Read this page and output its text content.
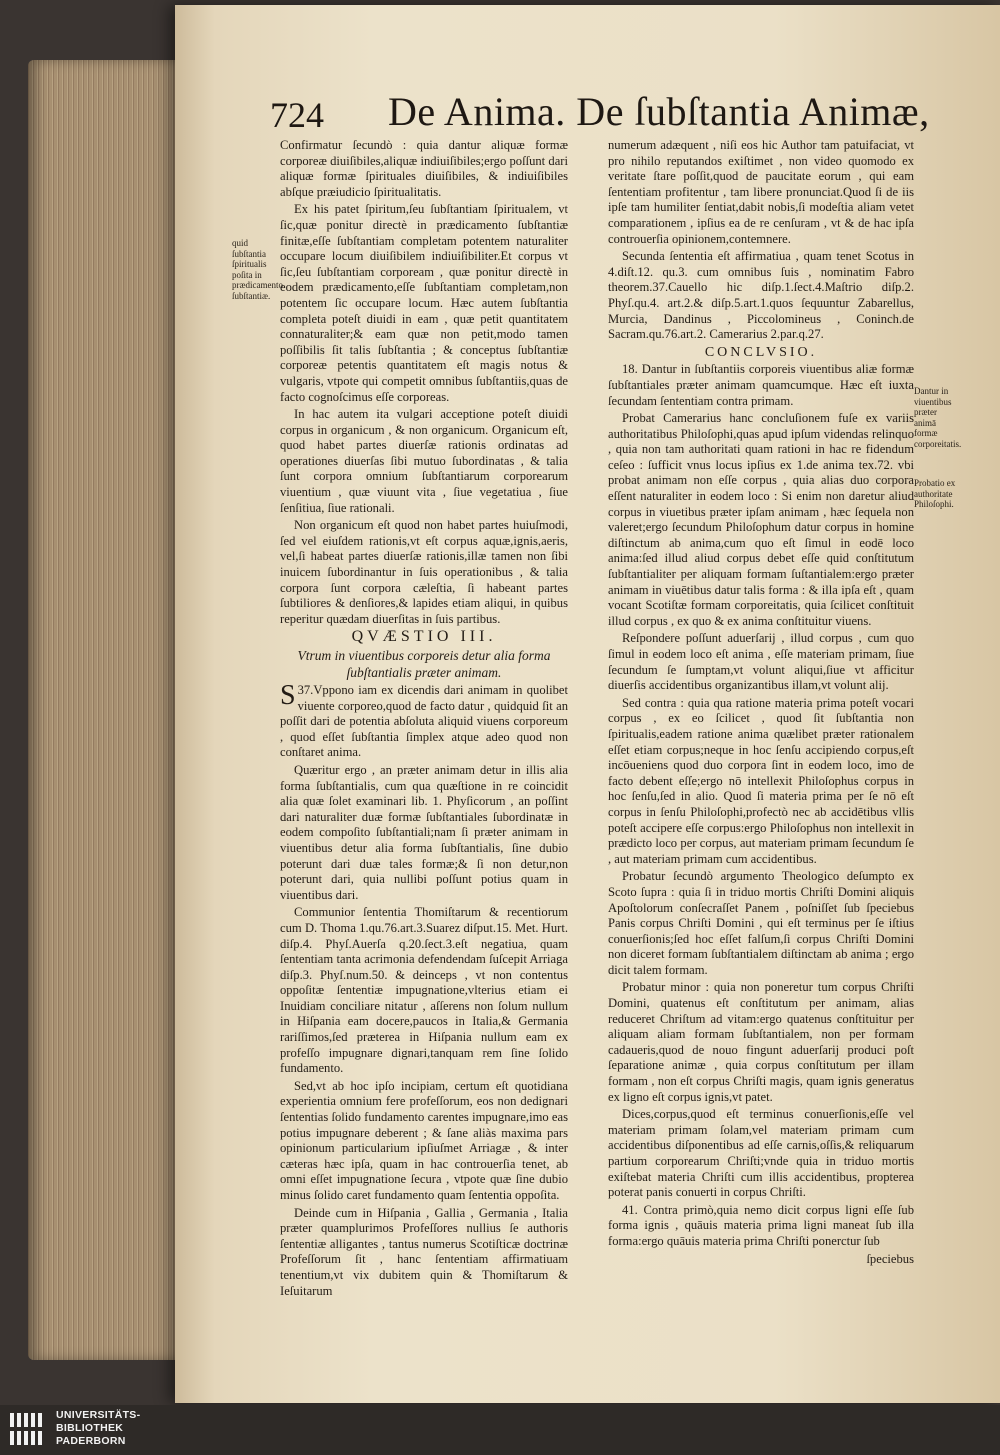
724 De Anima. De ſubſtantia Animæ,
quid ſubſtantia ſpiritualis poſita in prædicamento ſubſtantiæ.
Dantur in viuentibus præter animā formæ corporeitatis.
Probatio ex authoritate Philoſophi.

Confirmatur ſecundò : quia dantur aliquæ formæ corporeæ diuiſibiles,aliquæ indiuiſibiles;ergo poſſunt dari aliquæ formæ ſpirituales diuiſibiles, & indiuiſibiles abſque præiudicio ſpiritualitatis.

Ex his patet ſpiritum,ſeu ſubſtantiam ſpiritualem, vt ſic,quæ ponitur directè in prædicamento ſubſtantiæ finitæ,eſſe ſubſtantiam completam potentem naturaliter occupare locum diuiſibilem indiuiſibiliter.Et corpus vt ſic,ſeu ſubſtantiam corpoream , quæ ponitur directè in eodem prædicamento,eſſe ſubſtantiam completam,non potentem ſic occupare locum. Hæc autem ſubſtantia completa poteſt diuidi in eam , quæ petit quantitatem connaturaliter;& eam quæ non petit,modo tamen poſſibilis ſit talis ſubſtantia ; & conceptus ſubſtantiæ corporeæ petentis quantitatem eſt magis notus & vulgaris, vtpote qui competit omnibus ſubſtantiis,quas de facto cognoſcimus eſſe corporeas.

In hac autem ita vulgari acceptione poteſt diuidi corpus in organicum , & non organicum. Organicum eſt, quod habet partes diuerſæ rationis ordinatas ad operationes diuerſas ſibi mutuo ſubordinatas , & talia ſunt corpora omnium ſubſtantiarum corporearum viuentium , quæ viuunt vita , ſiue vegetatiua , ſiue ſenſitiua, ſiue rationali.

Non organicum eſt quod non habet partes huiuſmodi, ſed vel eiuſdem rationis,vt eſt corpus aquæ,ignis,aeris, vel,ſi habeat partes diuerſæ rationis,illæ tamen non ſibi inuicem ſubordinantur in ſuis operationibus , & talia corpora ſunt corpora cæleſtia, ſi habeant partes ſubtiliores & denſiores,& lapides etiam aliqui, in quibus reperitur quædam diuerſitas in ſuis partibus.

QVÆSTIO III.

Vtrum in viuentibus corporeis detur alia forma ſubſtantialis præter animam.

37.
S Vppono iam ex dicendis dari animam in quolibet viuente corporeo,quod de facto datur , quidquid ſit an poſſit dari de potentia abſoluta aliquid viuens corporeum , quod eſſet ſubſtantia ſimplex atque adeo quod non conſtaret anima.

Quæritur ergo , an præter animam detur in illis alia forma ſubſtantialis, cum qua quæſtione in re coincidit alia quæ ſolet examinari lib. 1. Phyſicorum , an poſſint dari naturaliter duæ formæ ſubſtantiales ſubordinatæ in eodem compoſito ſubſtantiali;nam ſi præter animam in viuentibus detur alia forma ſubſtantialis, ſine dubio poterunt dari duæ tales formæ;& ſi non detur,non poterunt dari, quia nullibi poſſunt potius quam in viuentibus dari.

Communior ſententia Thomiſtarum & recentiorum cum D. Thoma 1.qu.76.art.3.Suarez diſput.15. Met. Hurt. diſp.4. Phyſ.Auerſa q.20.ſect.3.eſt negatiua, quam ſententiam tanta acrimonia defendendam ſuſcepit Arriaga diſp.3. Phyſ.num.50. & deinceps , vt non contentus oppoſitæ ſententiæ impugnatione,vlterius etiam ei Inuidiam conciliare nitatur , aſſerens non ſolum nullum in Hiſpania eam docere,paucos in Italia,& Germania rariſſimos,ſed præterea in Hiſpania nullum eam ex profeſſo impugnare dignari,tanquam rem ſine ſolido fundamento.

Sed,vt ab hoc ipſo incipiam, certum eſt quotidiana experientia omnium fere profeſſorum, eos non dedignari ſententias ſolido fundamento carentes impugnare,imo eas potius impugnare deberent ; & ſane aliàs maxima pars opinionum particularium ipſiuſmet Arriagæ , & inter cæteras hæc ipſa, quam in hac controuerſia tenet, ab omni eſſet impugnatione ſecura , vtpote quæ ſine dubio minus ſolido caret fundamento quam ſententia oppoſita.

Deinde cum in Hiſpania , Gallia , Germania , Italia præter quamplurimos Profeſſores nullius ſe authoris ſententiæ alligantes , tantus numerus Scotiſticæ doctrinæ Profeſſorum ſit , hanc ſententiam affirmatiuam tenentium,vt vix dubitem quin & Thomiſtarum & Ieſuitarum

numerum adæquent , niſi eos hic Author tam patuifaciat, vt pro nihilo reputandos exiſtimet , non video quomodo ex veritate ſtare poſſit,quod de paucitate eorum , qui eam ſententiam profitentur , tam libere pronunciat.Quod ſi de iis ipſe tam humiliter ſentiat,dabit nobis,ſi modeſtia aliam vetet comparationem , ipſius ea de re cenſuram , vt & de hac ipſa controuerſia opinionem,contemnere.

Secunda ſententia eſt affirmatiua , quam tenet Scotus in 4.diſt.12. qu.3. cum omnibus ſuis , nominatim Fabro theorem.37.Cauello hic diſp.1.ſect.4.Maſtrio diſp.2. Phyſ.qu.4. art.2.& diſp.5.art.1.quos ſequuntur Zabarellus, Murcia, Dandinus , Piccolomineus , Coninch.de Sacram.qu.76.art.2. Camerarius 2.par.q.27.

CONCLVSIO.

18. Dantur in ſubſtantiis corporeis viuentibus aliæ formæ ſubſtantiales præter animam quamcumque. Hæc eſt iuxta ſecundam ſententiam contra primam.

Probat Camerarius hanc concluſionem fuſe ex variis authoritatibus Philoſophi,quas apud ipſum videndas relinquo , quia non tam authoritati quam rationi in hac re fidendum ceſeo : ſufficit vnus locus ipſius ex 1.de anima tex.72. vbi probat animam non eſſe corpus , quia alias duo corpora eſſent naturaliter in eodem loco : Si enim non daretur aliud corpus in viuetibus præter ipſam animam , hæc ſequela non valeret;ergo ſecundum Philoſophum datur corpus in homine diſtinctum ab anima,cum quo eſt ſimul in eodē loco anima:ſed illud aliud corpus debet eſſe quid conſtitutum ſubſtantialiter per aliquam formam ſuſtantialem:ergo præter animam in viuētibus datur talis forma : & illa ipſa eſt , quam vocant Scotiſtæ formam corporeitatis, quia ſcilicet conſtituit illud corpus , ex quo & ex anima conſtituitur viuens.

Reſpondere poſſunt aduerſarij , illud corpus , cum quo ſimul in eodem loco eſt anima , eſſe materiam primam, ſiue ſecundum ſe ſumptam,vt volunt aliqui,ſiue vt afficitur diuerſis accidentibus organizantibus illam,vt volunt alij.

Sed contra : quia qua ratione materia prima poteſt vocari corpus , ex eo ſcilicet , quod ſit ſubſtantia non ſpiritualis,eadem ratione anima quælibet præter rationalem eſſet etiam corpus;neque in hoc ſenſu accipiendo corpus,eſt incōueniens quod duo corpora ſint in eodem loco, imo de facto debent eſſe;ergo nō intellexit Philoſophus corpus in hoc ſenſu,ſed in alio. Quod ſi materia prima per ſe nō eſt corpus in ſenſu Philoſophi,profectò nec ab accidētibus vllis poteſt accipere eſſe corpus:ergo Philoſophus non intellexit in prædicto loco per corpus, aut materiam primam ſecundum ſe , aut materiam primam cum accidentibus.

Probatur ſecundò argumento Theologico deſumpto ex Scoto ſupra : quia ſi in triduo mortis Chriſti Domini aliquis Apoſtolorum conſecraſſet Panem , poſniſſet ſub ſpeciebus Panis corpus Chriſti Domini , qui eſt terminus per ſe iſtius conuerſionis;ſed hoc eſſet falſum,ſi corpus Chriſti Domini non diceret formam ſubſtantialem diſtinctam ab anima ; ergo dicit talem formam.

Probatur minor : quia non poneretur tum corpus Chriſti Domini, quatenus eſt conſtitutum per animam, alias reduceret Chriſtum ad vitam:ergo quatenus conſtituitur per aliquam aliam formam ſubſtantialem, non per formam cadaueris,quod de nouo fingunt aduerſarij produci poſt ſeparatione animæ , quia corpus conſtitutum per illam formam , non eſt corpus Chriſti magis, quam ignis generatus ex ligno eſt corpus ignis,vt patet.

Dices,corpus,quod eſt terminus conuerſionis,eſſe vel materiam primam ſolam,vel materiam primam cum accidentibus diſponentibus ad eſſe carnis,oſſis,& reliquarum partium corporearum Chriſti;vnde quia in triduo mortis exiſtebat materia Chriſti cum illis accidentibus, propterea poterat panis conuerti in corpus Chriſti.

41. Contra primò,quia nemo dicit corpus ligni eſſe ſub forma ignis , quāuis materia prima ligni maneat ſub illa forma:ergo quāuis materia prima Chriſti ponerctur ſub

ſpeciebus
UNIVERSITÄTS-
BIBLIOTHEK
PADERBORN
